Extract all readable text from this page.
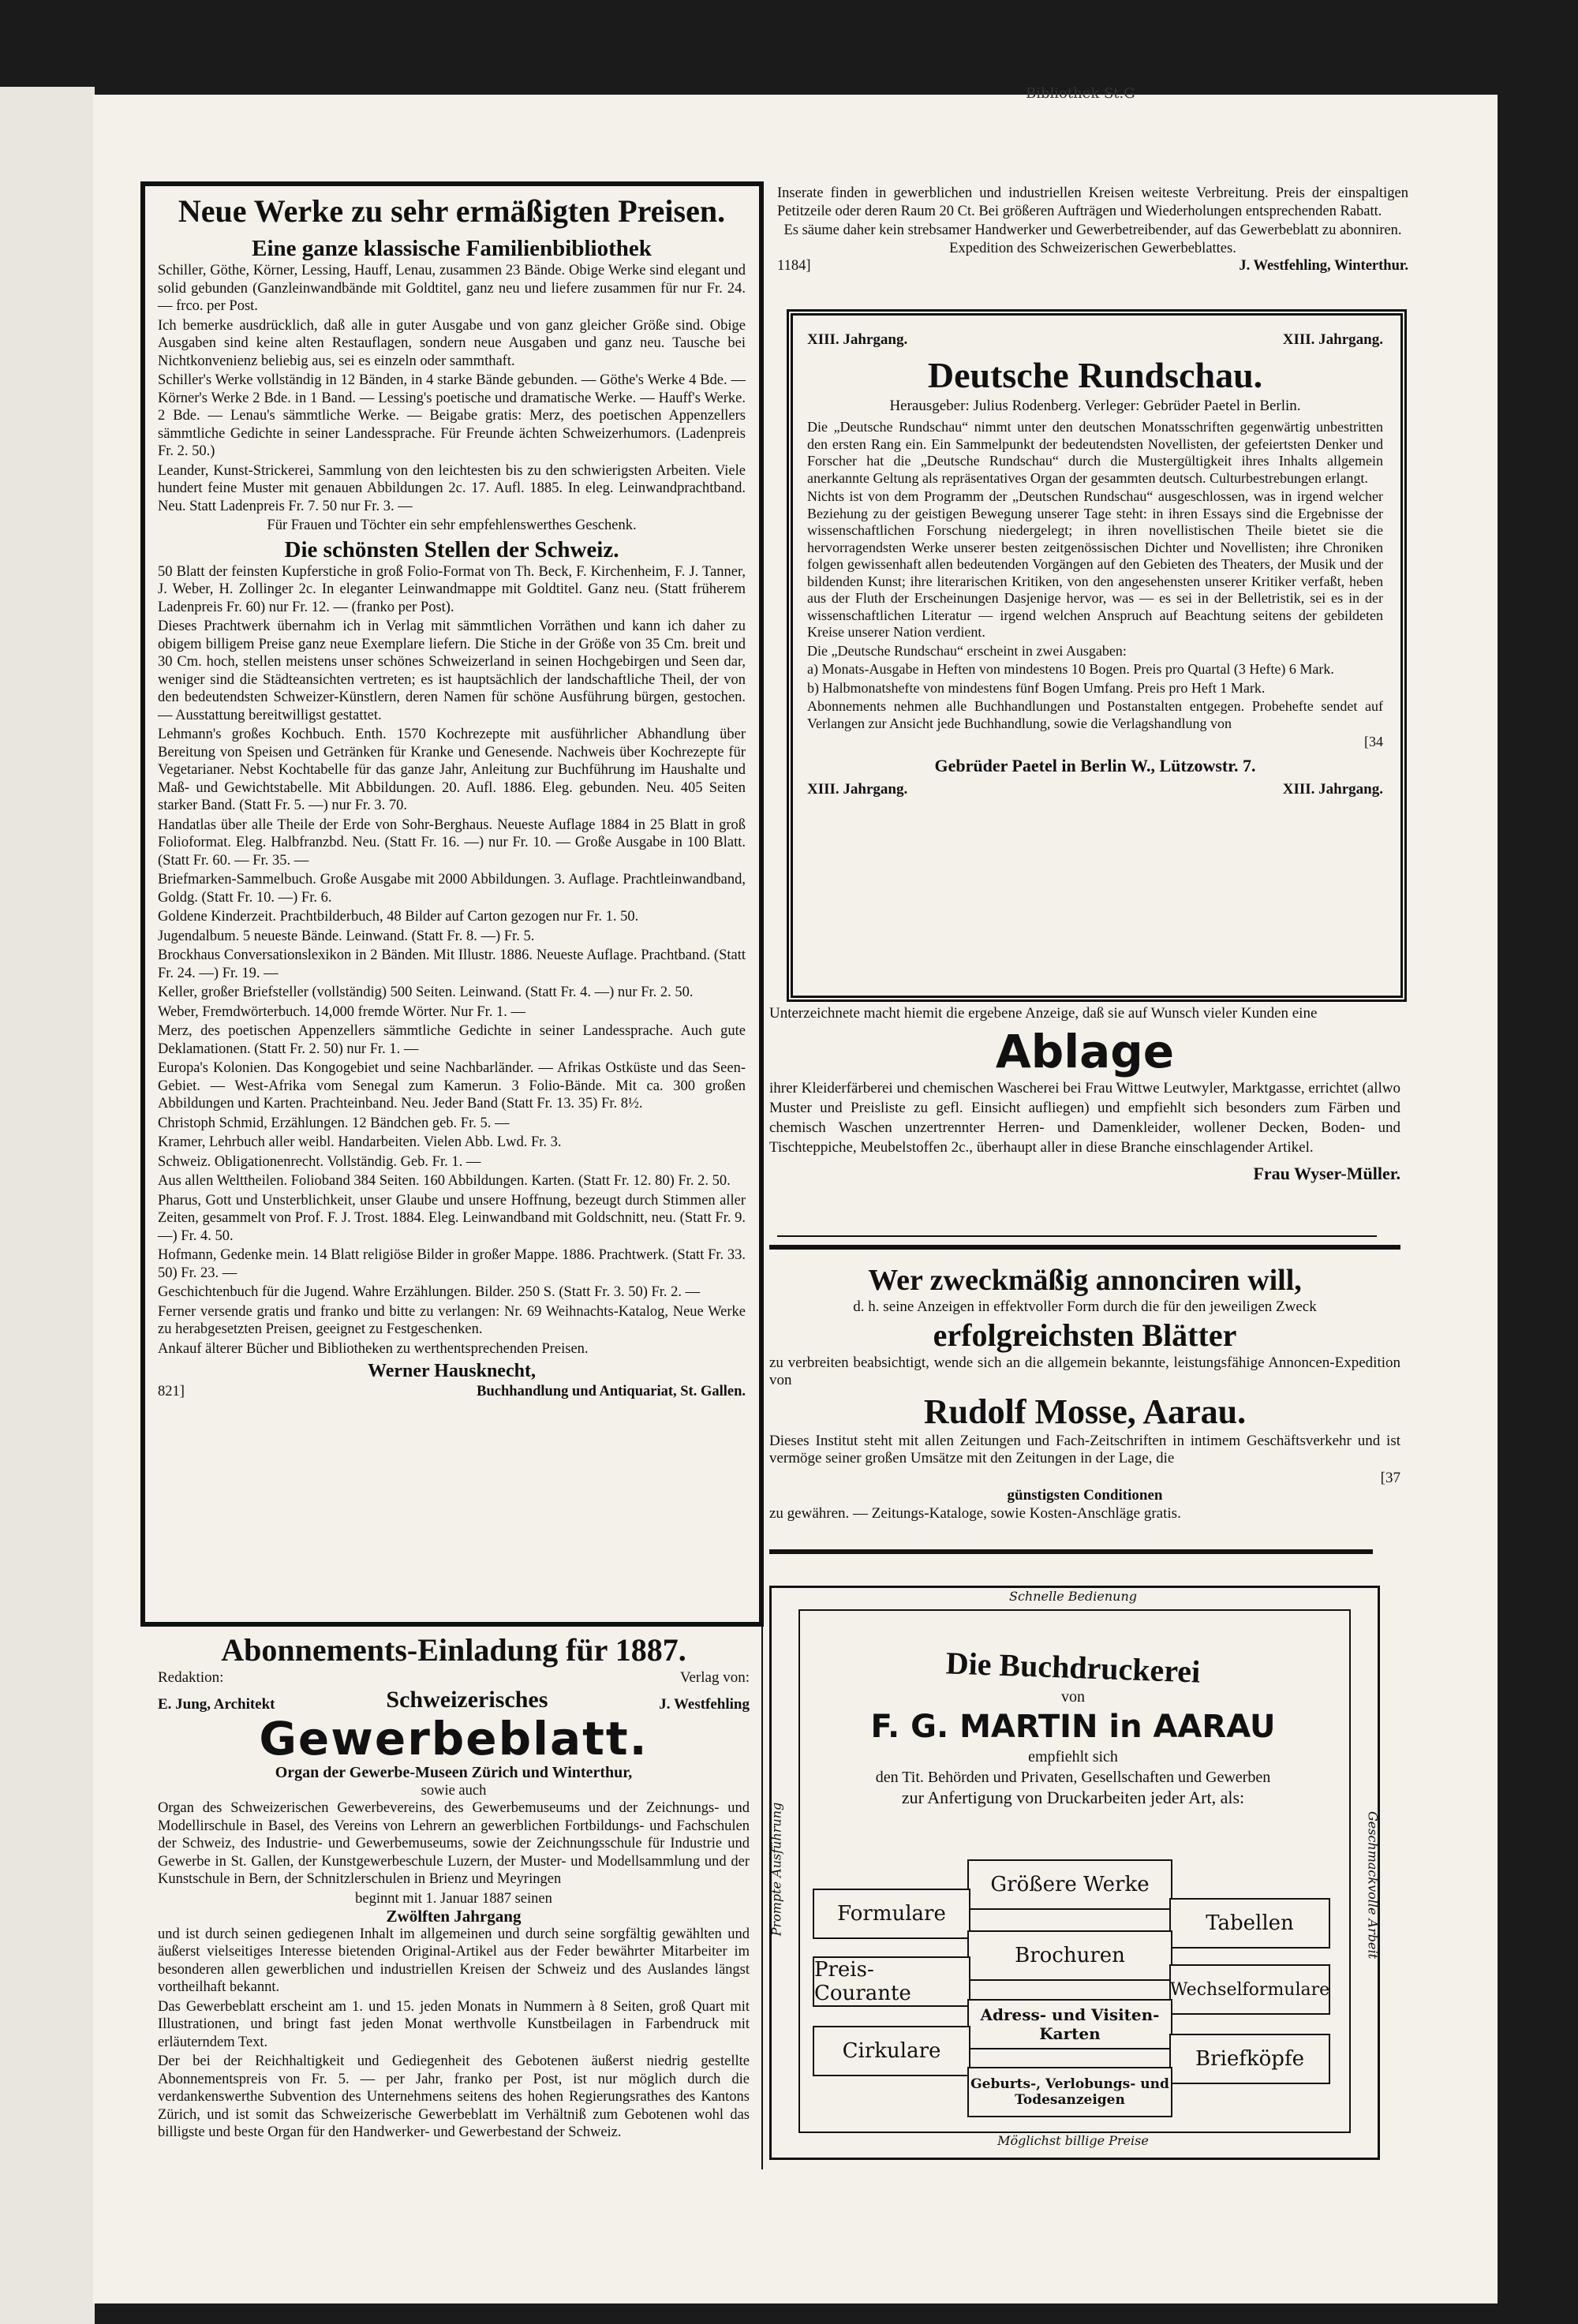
Bibliothek St.G
Neue Werke zu sehr ermäßigten Preisen.
Eine ganze klassische Familienbibliothek

Schiller, Göthe, Körner, Lessing, Hauff, Lenau, zusammen 23 Bände. Obige Werke sind elegant und solid gebunden (Ganzleinwandbände mit Goldtitel, ganz neu und liefere zusammen für nur Fr. 24. — frco. per Post.

Ich bemerke ausdrücklich, daß alle in guter Ausgabe und von ganz gleicher Größe sind. Obige Ausgaben sind keine alten Restauflagen, sondern neue Ausgaben und ganz neu. Tausche bei Nichtkonvenienz beliebig aus, sei es einzeln oder sammthaft.

Schiller's Werke vollständig in 12 Bänden, in 4 starke Bände gebunden. — Göthe's Werke 4 Bde. — Körner's Werke 2 Bde. in 1 Band. — Lessing's poetische und dramatische Werke. — Hauff's Werke. 2 Bde. — Lenau's sämmtliche Werke. — Beigabe gratis: Merz, des poetischen Appenzellers sämmtliche Gedichte in seiner Landessprache. Für Freunde ächten Schweizerhumors. (Ladenpreis Fr. 2. 50.)

Leander, Kunst-Strickerei, Sammlung von den leichtesten bis zu den schwierigsten Arbeiten. Viele hundert feine Muster mit genauen Abbildungen 2c. 17. Aufl. 1885. In eleg. Leinwandprachtband. Neu. Statt Ladenpreis Fr. 7. 50 nur Fr. 3. —

Für Frauen und Töchter ein sehr empfehlenswerthes Geschenk.

Die schönsten Stellen der Schweiz.

50 Blatt der feinsten Kupferstiche in groß Folio-Format von Th. Beck, F. Kirchenheim, F. J. Tanner, J. Weber, H. Zollinger 2c. In eleganter Leinwandmappe mit Goldtitel. Ganz neu. (Statt früherem Ladenpreis Fr. 60) nur Fr. 12. — (franko per Post).

Dieses Prachtwerk übernahm ich in Verlag mit sämmtlichen Vorräthen und kann ich daher zu obigem billigem Preise ganz neue Exemplare liefern. Die Stiche in der Größe von 35 Cm. breit und 30 Cm. hoch, stellen meistens unser schönes Schweizerland in seinen Hochgebirgen und Seen dar, weniger sind die Städteansichten vertreten; es ist hauptsächlich der landschaftliche Theil, der von den bedeutendsten Schweizer-Künstlern, deren Namen für schöne Ausführung bürgen, gestochen. — Ausstattung bereitwilligst gestattet.

Lehmann's großes Kochbuch. Enth. 1570 Kochrezepte mit ausführlicher Abhandlung über Bereitung von Speisen und Getränken für Kranke und Genesende. Nachweis über Kochrezepte für Vegetarianer. Nebst Kochtabelle für das ganze Jahr, Anleitung zur Buchführung im Haushalte und Maß- und Gewichtstabelle. Mit Abbildungen. 20. Aufl. 1886. Eleg. gebunden. Neu. 405 Seiten starker Band. (Statt Fr. 5. —) nur Fr. 3. 70.

Handatlas über alle Theile der Erde von Sohr-Berghaus. Neueste Auflage 1884 in 25 Blatt in groß Folioformat. Eleg. Halbfranzbd. Neu. (Statt Fr. 16. —) nur Fr. 10. — Große Ausgabe in 100 Blatt. (Statt Fr. 60. — Fr. 35. —

Briefmarken-Sammelbuch. Große Ausgabe mit 2000 Abbildungen. 3. Auflage. Prachtleinwandband, Goldg. (Statt Fr. 10. —) Fr. 6.

Goldene Kinderzeit. Prachtbilderbuch, 48 Bilder auf Carton gezogen nur Fr. 1. 50.

Jugendalbum. 5 neueste Bände. Leinwand. (Statt Fr. 8. —) Fr. 5.

Brockhaus Conversationslexikon in 2 Bänden. Mit Illustr. 1886. Neueste Auflage. Prachtband. (Statt Fr. 24. —) Fr. 19. —

Keller, großer Briefsteller (vollständig) 500 Seiten. Leinwand. (Statt Fr. 4. —) nur Fr. 2. 50.

Weber, Fremdwörterbuch. 14,000 fremde Wörter. Nur Fr. 1. —

Merz, des poetischen Appenzellers sämmtliche Gedichte in seiner Landessprache. Auch gute Deklamationen. (Statt Fr. 2. 50) nur Fr. 1. —

Europa's Kolonien. Das Kongogebiet und seine Nachbarländer. — Afrikas Ostküste und das Seen-Gebiet. — West-Afrika vom Senegal zum Kamerun. 3 Folio-Bände. Mit ca. 300 großen Abbildungen und Karten. Prachteinband. Neu. Jeder Band (Statt Fr. 13. 35) Fr. 8½.

Christoph Schmid, Erzählungen. 12 Bändchen geb. Fr. 5. —

Kramer, Lehrbuch aller weibl. Handarbeiten. Vielen Abb. Lwd. Fr. 3.

Schweiz. Obligationenrecht. Vollständig. Geb. Fr. 1. —

Aus allen Welttheilen. Folioband 384 Seiten. 160 Abbildungen. Karten. (Statt Fr. 12. 80) Fr. 2. 50.

Pharus, Gott und Unsterblichkeit, unser Glaube und unsere Hoffnung, bezeugt durch Stimmen aller Zeiten, gesammelt von Prof. F. J. Trost. 1884. Eleg. Leinwandband mit Goldschnitt, neu. (Statt Fr. 9. —) Fr. 4. 50.

Hofmann, Gedenke mein. 14 Blatt religiöse Bilder in großer Mappe. 1886. Prachtwerk. (Statt Fr. 33. 50) Fr. 23. —

Geschichtenbuch für die Jugend. Wahre Erzählungen. Bilder. 250 S. (Statt Fr. 3. 50) Fr. 2. —

Ferner versende gratis und franko und bitte zu verlangen: Nr. 69 Weihnachts-Katalog, Neue Werke zu herabgesetzten Preisen, geeignet zu Festgeschenken.

Ankauf älterer Bücher und Bibliotheken zu werthentsprechenden Preisen.

Werner Hausknecht,
821]	Buchhandlung und Antiquariat, St. Gallen.
Abonnements-Einladung für 1887.
Redaktion:	Verlag von:
E. Jung, Architekt	Schweizerisches	J. Westfehling
Gewerbeblatt.
Organ der Gewerbe-Museen Zürich und Winterthur,
sowie auch

Organ des Schweizerischen Gewerbevereins, des Gewerbemuseums und der Zeichnungs- und Modellirschule in Basel, des Vereins von Lehrern an gewerblichen Fortbildungs- und Fachschulen der Schweiz, des Industrie- und Gewerbemuseums, sowie der Zeichnungsschule für Industrie und Gewerbe in St. Gallen, der Kunstgewerbeschule Luzern, der Muster- und Modellsammlung und der Kunstschule in Bern, der Schnitzlerschulen in Brienz und Meyringen

beginnt mit 1. Januar 1887 seinen
Zwölften Jahrgang

und ist durch seinen gediegenen Inhalt im allgemeinen und durch seine sorgfältig gewählten und äußerst vielseitiges Interesse bietenden Original-Artikel aus der Feder bewährter Mitarbeiter im besonderen allen gewerblichen und industriellen Kreisen der Schweiz und des Auslandes längst vortheilhaft bekannt.

Das Gewerbeblatt erscheint am 1. und 15. jeden Monats in Nummern à 8 Seiten, groß Quart mit Illustrationen, und bringt fast jeden Monat werthvolle Kunstbeilagen in Farbendruck mit erläuterndem Text.

Der bei der Reichhaltigkeit und Gediegenheit des Gebotenen äußerst niedrig gestellte Abonnementspreis von Fr. 5. — per Jahr, franko per Post, ist nur möglich durch die verdankenswerthe Subvention des Unternehmens seitens des hohen Regierungsrathes des Kantons Zürich, und ist somit das Schweizerische Gewerbeblatt im Verhältniß zum Gebotenen wohl das billigste und beste Organ für den Handwerker- und Gewerbestand der Schweiz.

Inserate finden in gewerblichen und industriellen Kreisen weiteste Verbreitung. Preis der einspaltigen Petitzeile oder deren Raum 20 Ct. Bei größeren Aufträgen und Wiederholungen entsprechenden Rabatt.

Es säume daher kein strebsamer Handwerker und Gewerbetreibender, auf das Gewerbeblatt zu abonniren.
Expedition des Schweizerischen Gewerbeblattes.
1184]	J. Westfehling, Winterthur.
XIII. Jahrgang.	XIII. Jahrgang.
Deutsche Rundschau.
Herausgeber: Julius Rodenberg. Verleger: Gebrüder Paetel in Berlin.

Die „Deutsche Rundschau“ nimmt unter den deutschen Monatsschriften gegenwärtig unbestritten den ersten Rang ein. Ein Sammelpunkt der bedeutendsten Novellisten, der gefeiertsten Denker und Forscher hat die „Deutsche Rundschau“ durch die Mustergültigkeit ihres Inhalts allgemein anerkannte Geltung als repräsentatives Organ der gesammten deutsch. Culturbestrebungen erlangt.

Nichts ist von dem Programm der „Deutschen Rundschau“ ausgeschlossen, was in irgend welcher Beziehung zu der geistigen Bewegung unserer Tage steht: in ihren Essays sind die Ergebnisse der wissenschaftlichen Forschung niedergelegt; in ihren novellistischen Theile bietet sie die hervorragendsten Werke unserer besten zeitgenössischen Dichter und Novellisten; ihre Chroniken folgen gewissenhaft allen bedeutenden Vorgängen auf den Gebieten des Theaters, der Musik und der bildenden Kunst; ihre literarischen Kritiken, von den angesehensten unserer Kritiker verfaßt, heben aus der Fluth der Erscheinungen Dasjenige hervor, was — es sei in der Belletristik, sei es in der wissenschaftlichen Literatur — irgend welchen Anspruch auf Beachtung seitens der gebildeten Kreise unserer Nation verdient.

Die „Deutsche Rundschau“ erscheint in zwei Ausgaben:

a) Monats-Ausgabe in Heften von mindestens 10 Bogen. Preis pro Quartal (3 Hefte) 6 Mark.

b) Halbmonatshefte von mindestens fünf Bogen Umfang. Preis pro Heft 1 Mark.

Abonnements nehmen alle Buchhandlungen und Postanstalten entgegen. Probehefte sendet auf Verlangen zur Ansicht jede Buchhandlung, sowie die Verlagshandlung von

[34
Gebrüder Paetel in Berlin W., Lützowstr. 7.
XIII. Jahrgang.	XIII. Jahrgang.

Unterzeichnete macht hiemit die ergebene Anzeige, daß sie auf Wunsch vieler Kunden eine

Ablage

ihrer Kleiderfärberei und chemischen Wascherei bei Frau Wittwe Leutwyler, Marktgasse, errichtet (allwo Muster und Preisliste zu gefl. Einsicht aufliegen) und empfiehlt sich besonders zum Färben und chemisch Waschen unzertrennter Herren- und Damenkleider, wollener Decken, Boden- und Tischteppiche, Meubelstoffen 2c., überhaupt aller in diese Branche einschlagender Artikel.

Frau Wyser-Müller.
Wer zweckmäßig annonciren will,
d. h. seine Anzeigen in effektvoller Form durch die für den jeweiligen Zweck
erfolgreichsten Blätter

zu verbreiten beabsichtigt, wende sich an die allgemein bekannte, leistungsfähige Annoncen-Expedition von

Rudolf Mosse, Aarau.

Dieses Institut steht mit allen Zeitungen und Fach-Zeitschriften in intimem Geschäftsverkehr und ist vermöge seiner großen Umsätze mit den Zeitungen in der Lage, die

[37
günstigsten Conditionen
zu gewähren. — Zeitungs-Kataloge, sowie Kosten-Anschläge gratis.
Schnelle Bedienung
Möglichst billige Preise
Prompte Ausführung	Geschmackvolle Arbeit
Die Buchdruckerei
von
F. G. MARTIN in AARAU
empfiehlt sich
den Tit. Behörden und Privaten, Gesellschaften und Gewerben
zur Anfertigung von Druckarbeiten jeder Art, als:
Größere Werke
Formulare	Tabellen
Brochuren
Preis-Courante	Wechselformulare
Adress- und Visiten-Karten
Cirkulare	Briefköpfe
Geburts-, Verlobungs- und Todesanzeigen
